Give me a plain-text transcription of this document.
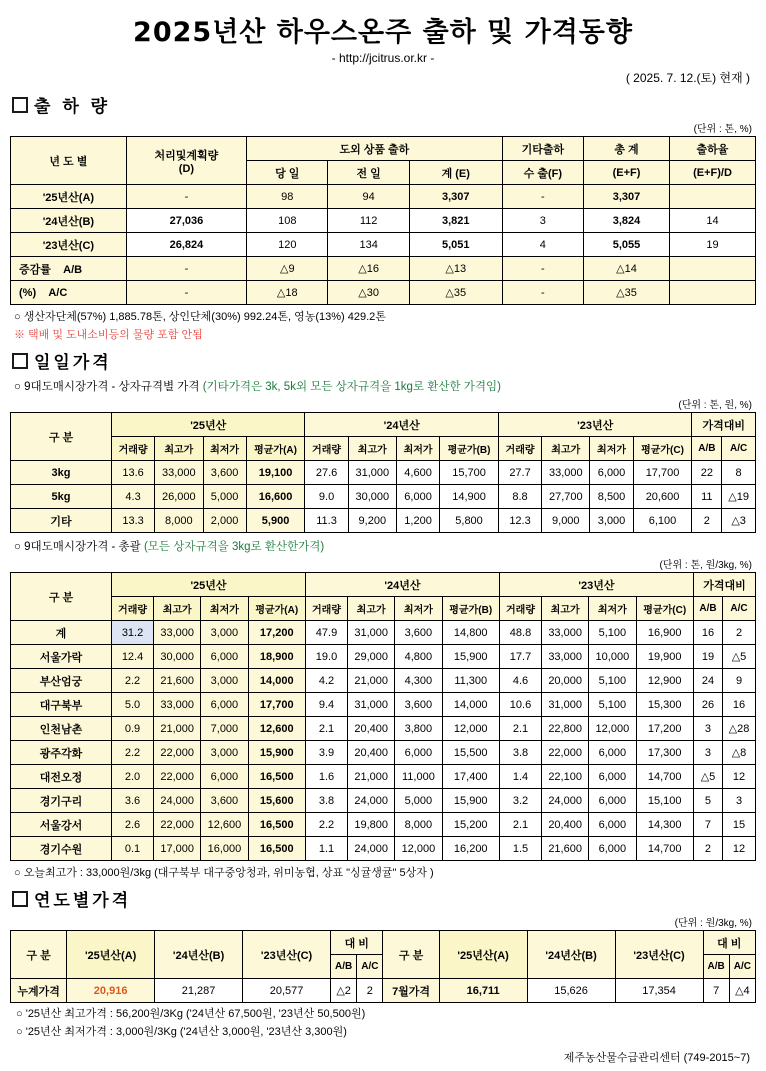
2025년산 하우스온주 출하 및 가격동향
- http://jcitrus.or.kr -
( 2025. 7. 12.(토) 현재 )
출 하 량
(단위 : 톤, %)
년 도 별	처리및계획량
(D)	도외 상품 출하			기타출하	총 계	출하율
		당 일	전 일	계 (E)	수 출(F)	(E+F)	(E+F)/D
'25년산(A)	-	98	94	3,307	-	3,307	
'24년산(B)	27,036	108	112	3,821	3	3,824	14
'23년산(C)	26,824	120	134	5,051	4	5,055	19
증감률 A/B	-	△9	△16	△13	-	△14	
(%) A/C	-	△18	△30	△35	-	△35	
○ 생산자단체(57%) 1,885.78톤, 상인단체(30%) 992.24톤, 영농(13%) 429.2톤
※ 택배 및 도내소비등의 물량 포함 안됨
일일가격
○ 9대도매시장가격 - 상자규격별 가격 (기타가격은 3k, 5k외 모든 상자규격을 1kg로 환산한 가격임)
(단위 : 톤, 원, %)
구 분	'25년산				'24년산				'23년산				가격대비	
	거래량	최고가	최저가	평균가(A)	거래량	최고가	최저가	평균가(B)	거래량	최고가	최저가	평균가(C)	A/B	A/C
3kg	13.6	33,000	3,600	19,100	27.6	31,000	4,600	15,700	27.7	33,000	6,000	17,700	22	8
5kg	4.3	26,000	5,000	16,600	9.0	30,000	6,000	14,900	8.8	27,700	8,500	20,600	11	△19
기타	13.3	8,000	2,000	5,900	11.3	9,200	1,200	5,800	12.3	9,000	3,000	6,100	2	△3
○ 9대도매시장가격 - 총괄 (모든 상자규격을 3kg로 환산한가격)
(단위 : 톤, 원/3kg, %)
구 분	'25년산				'24년산				'23년산				가격대비	
	거래량	최고가	최저가	평균가(A)	거래량	최고가	최저가	평균가(B)	거래량	최고가	최저가	평균가(C)	A/B	A/C
계	31.2	33,000	3,000	17,200	47.9	31,000	3,600	14,800	48.8	33,000	5,100	16,900	16	2
서울가락	12.4	30,000	6,000	18,900	19.0	29,000	4,800	15,900	17.7	33,000	10,000	19,900	19	△5
부산엄궁	2.2	21,600	3,000	14,000	4.2	21,000	4,300	11,300	4.6	20,000	5,100	12,900	24	9
대구북부	5.0	33,000	6,000	17,700	9.4	31,000	3,600	14,000	10.6	31,000	5,100	15,300	26	16
인천남촌	0.9	21,000	7,000	12,600	2.1	20,400	3,800	12,000	2.1	22,800	12,000	17,200	3	△28
광주각화	2.2	22,000	3,000	15,900	3.9	20,400	6,000	15,500	3.8	22,000	6,000	17,300	3	△8
대전오정	2.0	22,000	6,000	16,500	1.6	21,000	11,000	17,400	1.4	22,100	6,000	14,700	△5	12
경기구리	3.6	24,000	3,600	15,600	3.8	24,000	5,000	15,900	3.2	24,000	6,000	15,100	5	3
서울강서	2.6	22,000	12,600	16,500	2.2	19,800	8,000	15,200	2.1	20,400	6,000	14,300	7	15
경기수원	0.1	17,000	16,000	16,500	1.1	24,000	12,000	16,200	1.5	21,600	6,000	14,700	2	12
○ 오늘최고가 : 33,000원/3kg (대구북부 대구중앙청과, 위미농협, 상표 "싱귤생귤" 5상자 )
연도별가격
(단위 : 원/3kg, %)
구 분	'25년산(A)	'24년산(B)	'23년산(C)	대 비		구 분	'25년산(A)	'24년산(B)	'23년산(C)	대 비	
				A/B	A/C					A/B	A/C
누계가격	20,916	21,287	20,577	△2	2	7월가격	16,711	15,626	17,354	7	△4
○ '25년산 최고가격 : 56,200원/3Kg ('24년산 67,500원, '23년산 50,500원)
○ '25년산 최저가격 : 3,000원/3Kg ('24년산 3,000원, '23년산 3,300원)
제주농산물수급관리센터 (749-2015~7)
